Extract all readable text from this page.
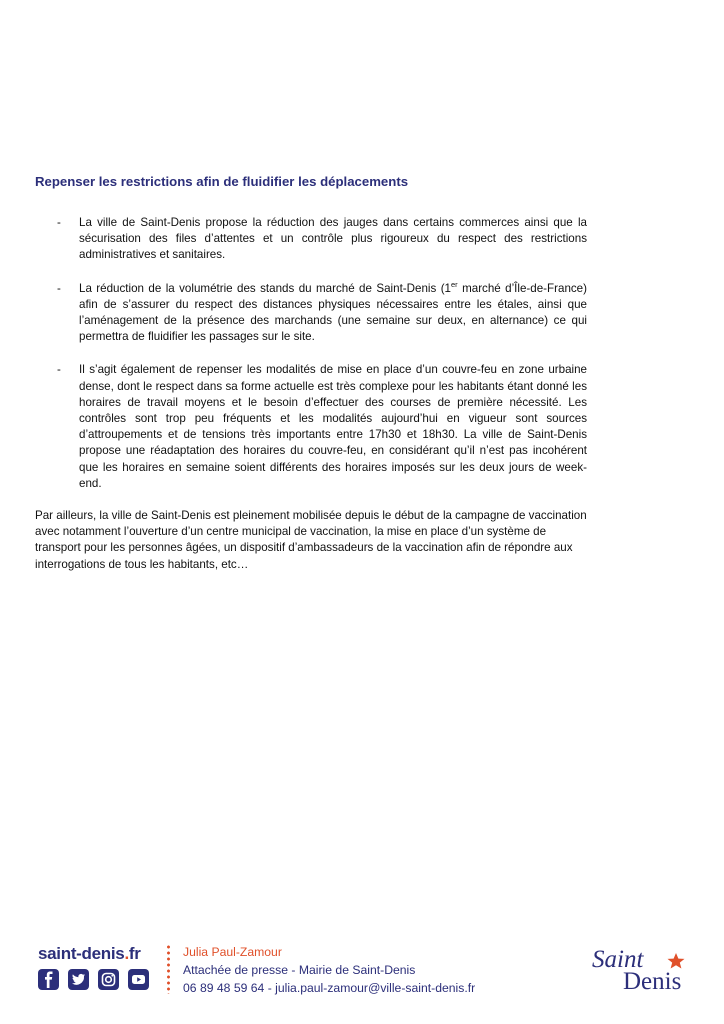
Repenser les restrictions afin de fluidifier les déplacements
- La ville de Saint-Denis propose la réduction des jauges dans certains commerces ainsi que la sécurisation des files d’attentes et un contrôle plus rigoureux du respect des restrictions administratives et sanitaires.

- La réduction de la volumétrie des stands du marché de Saint-Denis (1er marché d’Île-de-France) afin de s’assurer du respect des distances physiques nécessaires entre les étales, ainsi que l’aménagement de la présence des marchands (une semaine sur deux, en alternance) ce qui permettra de fluidifier les passages sur le site.

- Il s’agit également de repenser les modalités de mise en place d’un couvre-feu en zone urbaine dense, dont le respect dans sa forme actuelle est très complexe pour les habitants étant donné les horaires de travail moyens et le besoin d’effectuer des courses de première nécessité. Les contrôles sont trop peu fréquents et les modalités aujourd’hui en vigueur sont sources d’attroupements et de tensions très importants entre 17h30 et 18h30. La ville de Saint-Denis propose une réadaptation des horaires du couvre-feu, en considérant qu’il n’est pas incohérent que les horaires en semaine soient différents des horaires imposés sur les deux jours de week-end.

Par ailleurs, la ville de Saint-Denis est pleinement mobilisée depuis le début de la campagne de vaccination avec notamment l’ouverture d’un centre municipal de vaccination, la mise en place d’un système de transport pour les personnes âgées, un dispositif d’ambassadeurs de la vaccination afin de répondre aux interrogations de tous les habitants, etc…

saint-denis.fr	Julia Paul-Zamour
Attachée de presse - Mairie de Saint-Denis
06 89 48 59 64 - julia.paul-zamour@ville-saint-denis.fr
Saint
Denis
